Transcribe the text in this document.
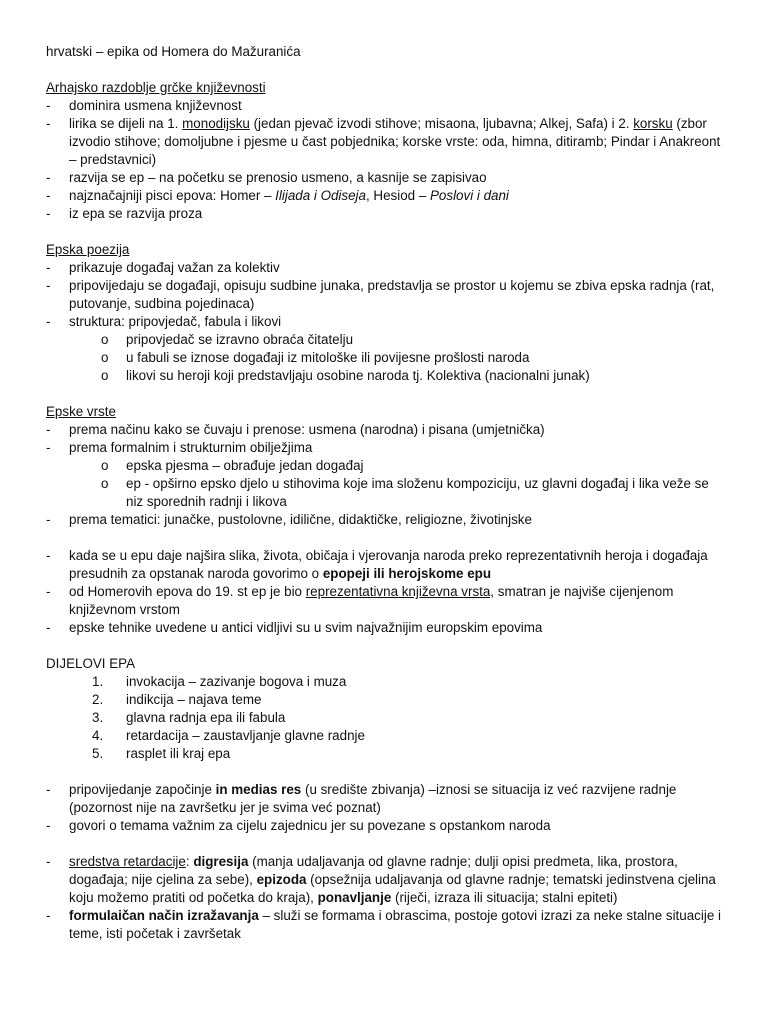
hrvatski – epika od Homera do Mažuranića
Arhajsko razdoblje grčke književnosti
- dominira usmena književnost
- lirika se dijeli na 1. monodijsku (jedan pjevač izvodi stihove; misaona, ljubavna; Alkej, Safa) i 2. korsku (zbor izvodio stihove; domoljubne i pjesme u čast pobjednika; korske vrste: oda, himna, ditiramb; Pindar i Anakreont – predstavnici)
- razvija se ep – na početku se prenosio usmeno, a kasnije se zapisivao
- najznačajniji pisci epova: Homer – Ilijada i Odiseja, Hesiod – Poslovi i dani
- iz epa se razvija proza
Epska poezija
- prikazuje događaj važan za kolektiv
- pripovijedaju se događaji, opisuju sudbine junaka, predstavlja se prostor u kojemu se zbiva epska radnja (rat, putovanje, sudbina pojedinaca)
- struktura: pripovjedač, fabula i likovi
o pripovjedač se izravno obraća čitatelju
o u fabuli se iznose događaji iz mitološke ili povijesne prošlosti naroda
o likovi su heroji koji predstavljaju osobine naroda tj. Kolektiva (nacionalni junak)
Epske vrste
- prema načinu kako se čuvaju i prenose: usmena (narodna) i pisana (umjetnička)
- prema formalnim i strukturnim obilježjima
o epska pjesma – obrađuje jedan događaj
o ep - opširno epsko djelo u stihovima koje ima složenu kompoziciju, uz glavni događaj i lika veže se niz sporednih radnji i likova
- prema tematici: junačke, pustolovne, idilične, didaktičke, religiozne, životinjske
- kada se u epu daje najšira slika, života, običaja i vjerovanja naroda preko reprezentativnih heroja i događaja presudnih za opstanak naroda govorimo o epopeji ili herojskome epu
- od Homerovih epova do 19. st ep je bio reprezentativna književna vrsta, smatran je najviše cijenjenom književnom vrstom
- epske tehnike uvedene u antici vidljivi su u svim najvažnijim europskim epovima
DIJELOVI EPA
1. invokacija – zazivanje bogova i muza
2. indikcija – najava teme
3. glavna radnja epa ili fabula
4. retardacija – zaustavljanje glavne radnje
5. rasplet ili kraj epa
- pripovijedanje započinje in medias res (u središte zbivanja) –iznosi se situacija iz već razvijene radnje (pozornost nije na završetku jer je svima već poznat)
- govori o temama važnim za cijelu zajednicu jer su povezane s opstankom naroda
- sredstva retardacije: digresija (manja udaljavanja od glavne radnje; dulji opisi predmeta, lika, prostora, događaja; nije cjelina za sebe), epizoda (opsežnija udaljavanja od glavne radnje; tematski jedinstvena cjelina koju možemo pratiti od početka do kraja), ponavljanje (riječi, izraza ili situacija; stalni epiteti)
- formulaičan način izražavanja – služi se formama i obrascima, postoje gotovi izrazi za neke stalne situacije i teme, isti početak i završetak
